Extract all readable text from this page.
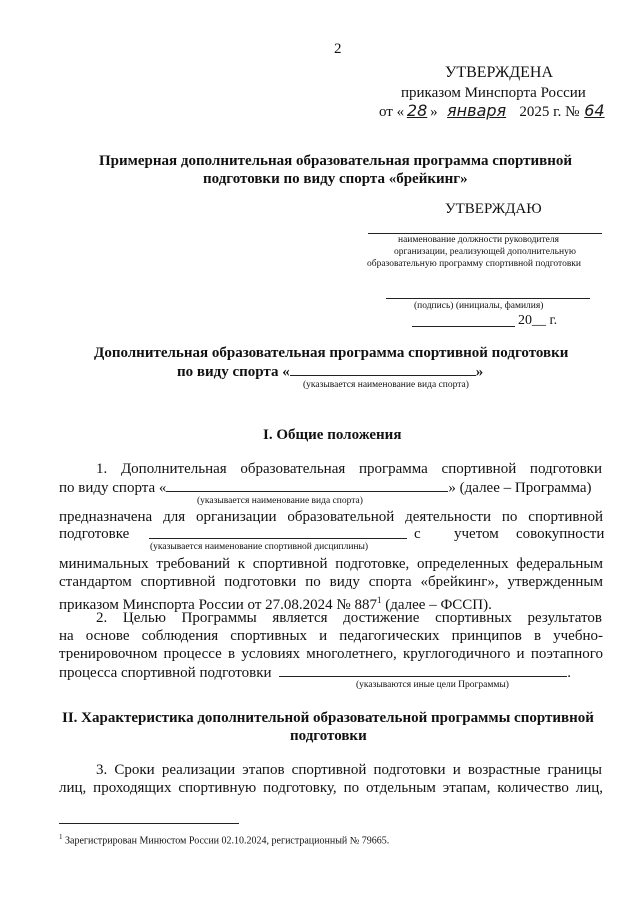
2
УТВЕРЖДЕНА
приказом Минспорта России
от « 28 » января 2025 г. № 64
Примерная дополнительная образовательная программа спортивной
подготовки по виду спорта «брейкинг»
УТВЕРЖДАЮ
наименование должности руководителя
организации, реализующей дополнительную
образовательную программу спортивной подготовки
(подпись) (инициалы, фамилия)
20__ г.
Дополнительная образовательная программа спортивной подготовки
по виду спорта «	»
(указывается наименование вида спорта)
I. Общие положения
1. Дополнительная образовательная программа спортивной подготовки
по виду спорта «	» (далее – Программа)
(указывается наименование вида спорта)
предназначена для организации образовательной деятельности по спортивной
подготовке	с учетом совокупности
(указывается наименование спортивной дисциплины)
минимальных требований к спортивной подготовке, определенных федеральным
стандартом спортивной подготовки по виду спорта «брейкинг», утвержденным
приказом Минспорта России от 27.08.2024 № $887^1$ (далее – ФССП).
2. Целью Программы является достижение спортивных результатов
на основе соблюдения спортивных и педагогических принципов в учебно-
тренировочном процессе в условиях многолетнего, круглогодичного и поэтапного
процесса спортивной подготовки	.
(указываются иные цели Программы)
II. Характеристика дополнительной образовательной программы спортивной
подготовки
3. Сроки реализации этапов спортивной подготовки и возрастные границы
лиц, проходящих спортивную подготовку, по отдельным этапам, количество лиц,
$^1$ Зарегистрирован Минюстом России 02.10.2024, регистрационный № 79665.
